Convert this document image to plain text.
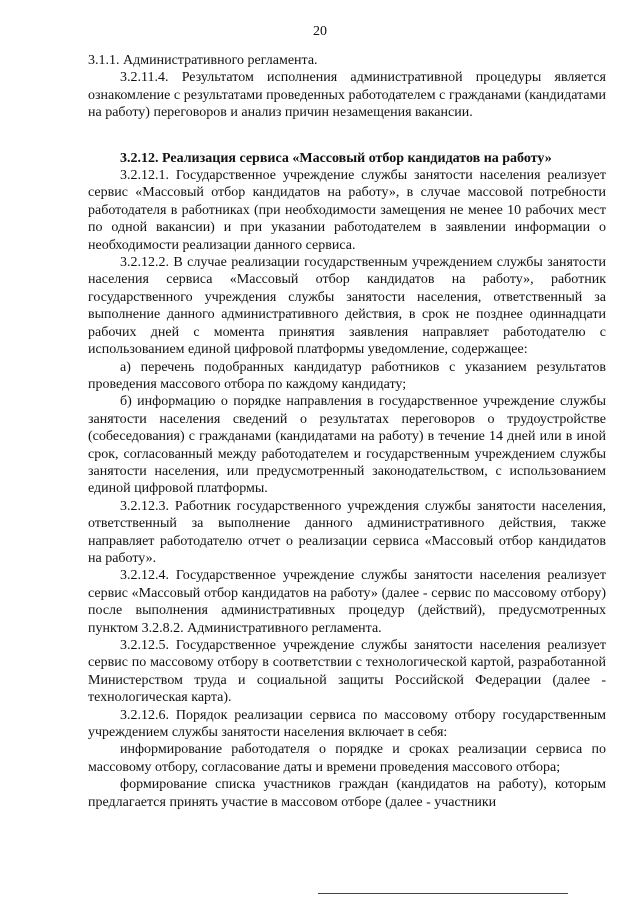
20

3.1.1. Административного регламента.

3.2.11.4. Результатом исполнения административной процедуры является ознакомление с результатами проведенных работодателем с гражданами (кандидатами на работу) переговоров и анализ причин незамещения вакансии.

3.2.12. Реализация сервиса «Массовый отбор кандидатов на работу»

3.2.12.1. Государственное учреждение службы занятости населения реализует сервис «Массовый отбор кандидатов на работу», в случае массовой потребности работодателя в работниках (при необходимости замещения не менее 10 рабочих мест по одной вакансии) и при указании работодателем в заявлении информации о необходимости реализации данного сервиса.

3.2.12.2. В случае реализации государственным учреждением службы занятости населения сервиса «Массовый отбор кандидатов на работу», работник государственного учреждения службы занятости населения, ответственный за выполнение данного административного действия, в срок не позднее одиннадцати рабочих дней с момента принятия заявления направляет работодателю с использованием единой цифровой платформы уведомление, содержащее:

а) перечень подобранных кандидатур работников с указанием результатов проведения массового отбора по каждому кандидату;

б) информацию о порядке направления в государственное учреждение службы занятости населения сведений о результатах переговоров о трудоустройстве (собеседования) с гражданами (кандидатами на работу) в течение 14 дней или в иной срок, согласованный между работодателем и государственным учреждением службы занятости населения, или предусмотренный законодательством, с использованием единой цифровой платформы.

3.2.12.3. Работник государственного учреждения службы занятости населения, ответственный за выполнение данного административного действия, также направляет работодателю отчет о реализации сервиса «Массовый отбор кандидатов на работу».

3.2.12.4. Государственное учреждение службы занятости населения реализует сервис «Массовый отбор кандидатов на работу» (далее - сервис по массовому отбору) после выполнения административных процедур (действий), предусмотренных пунктом 3.2.8.2. Административного регламента.

3.2.12.5. Государственное учреждение службы занятости населения реализует сервис по массовому отбору в соответствии с технологической картой, разработанной Министерством труда и социальной защиты Российской Федерации (далее - технологическая карта).

3.2.12.6. Порядок реализации сервиса по массовому отбору государственным учреждением службы занятости населения включает в себя:

информирование работодателя о порядке и сроках реализации сервиса по массовому отбору, согласование даты и времени проведения массового отбора;

формирование списка участников граждан (кандидатов на работу), которым предлагается принять участие в массовом отборе (далее - участники
